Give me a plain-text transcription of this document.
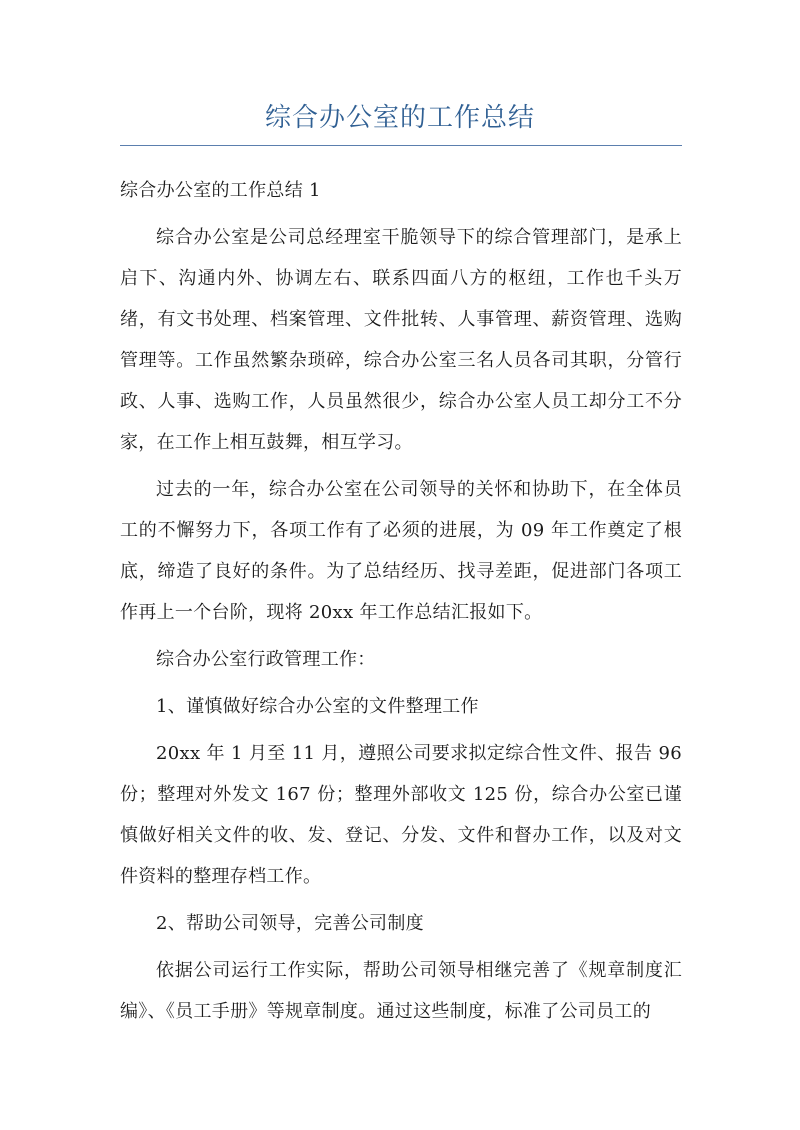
综合办公室的工作总结

综合办公室的工作总结 1

综合办公室是公司总经理室干脆领导下的综合管理部门，是承上启下、沟通内外、协调左右、联系四面八方的枢纽，工作也千头万绪，有文书处理、档案管理、文件批转、人事管理、薪资管理、选购管理等。工作虽然繁杂琐碎，综合办公室三名人员各司其职，分管行政、人事、选购工作，人员虽然很少，综合办公室人员工却分工不分家，在工作上相互鼓舞，相互学习。

过去的一年，综合办公室在公司领导的关怀和协助下，在全体员工的不懈努力下，各项工作有了必须的进展，为 09 年工作奠定了根底，缔造了良好的条件。为了总结经历、找寻差距，促进部门各项工作再上一个台阶，现将 20xx 年工作总结汇报如下。

综合办公室行政管理工作：

1、谨慎做好综合办公室的文件整理工作

20xx 年 1 月至 11 月，遵照公司要求拟定综合性文件、报告 96 份；整理对外发文 167 份；整理外部收文 125 份，综合办公室已谨慎做好相关文件的收、发、登记、分发、文件和督办工作，以及对文件资料的整理存档工作。

2、帮助公司领导，完善公司制度

依据公司运行工作实际，帮助公司领导相继完善了《规章制度汇编》、《员工手册》等规章制度。通过这些制度，标准了公司员工的
